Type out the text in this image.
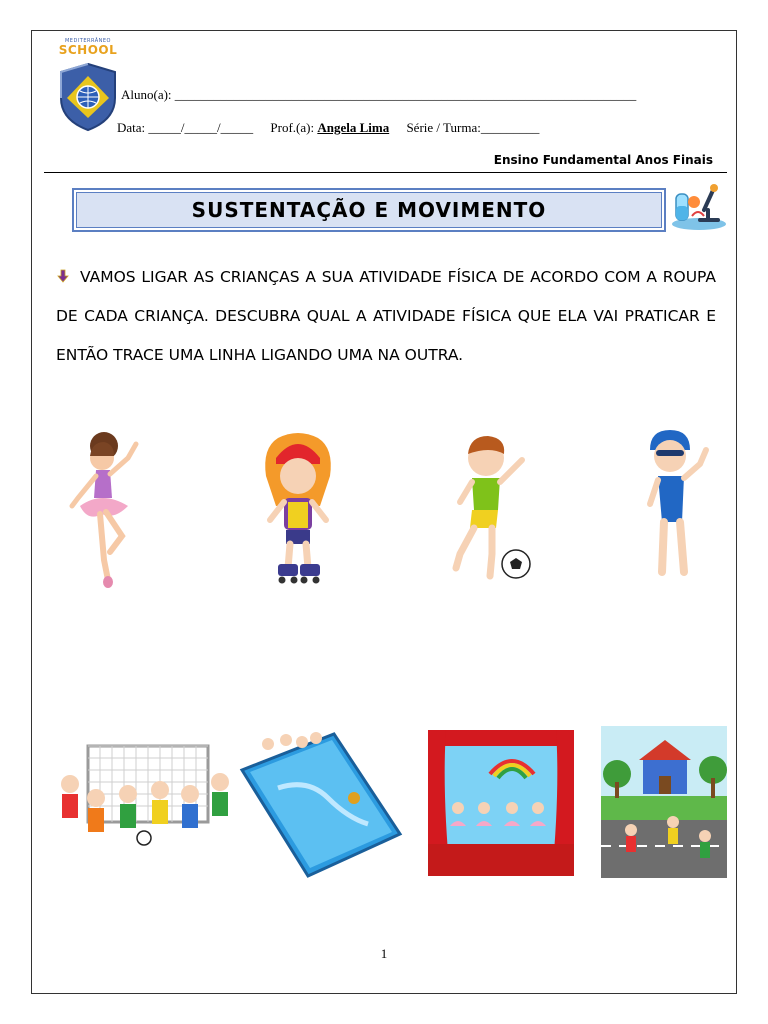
MEDITERRÂNEO
SCHOOL
Aluno(a): _______________________________________________________________________
Data: _____/_____/_____ Prof.(a): Angela Lima Série / Turma:_________
Ensino Fundamental Anos Finais
SUSTENTAÇÃO E MOVIMENTO
VAMOS LIGAR AS CRIANÇAS A SUA ATIVIDADE FÍSICA DE ACORDO COM A ROUPA DE CADA CRIANÇA. DESCUBRA QUAL A ATIVIDADE FÍSICA QUE ELA VAI PRATICAR E ENTÃO TRACE UMA LINHA LIGANDO UMA NA OUTRA.
1
